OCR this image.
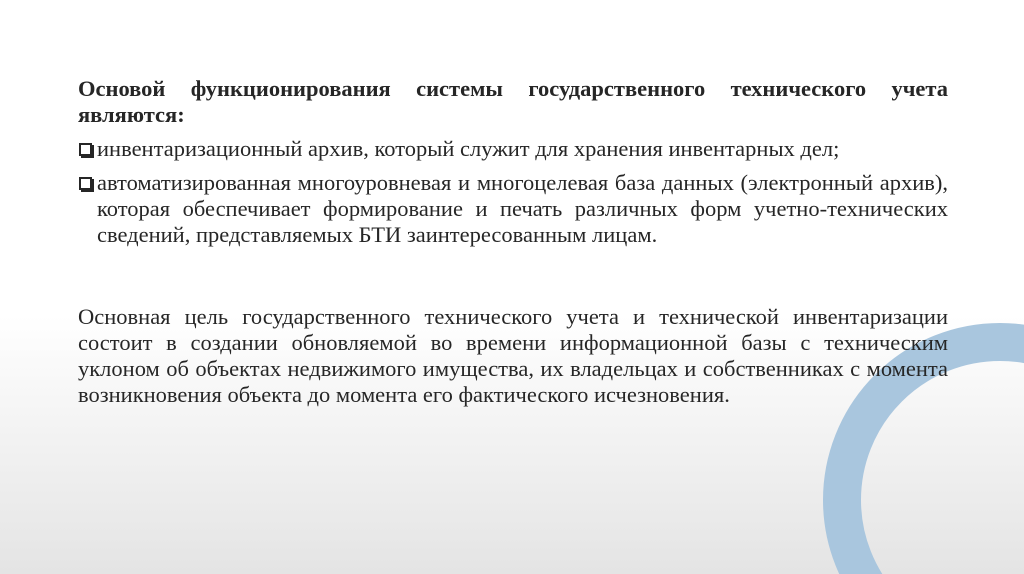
Основой функционирования системы государственного технического учета являются:

инвентаризационный архив, который служит для хранения инвентарных дел;
автоматизированная многоуровневая и многоцелевая база данных (электронный архив), которая обеспечивает формирование и печать различных форм учетно-технических сведений, представляемых БТИ заинтересованным лицам.

Основная цель государственного технического учета и технической инвентаризации состоит в создании обновляемой во времени информационной базы с техническим уклоном об объектах недвижимого имущества, их владельцах и собственниках с момента возникновения объекта до момента его фактического исчезновения.
